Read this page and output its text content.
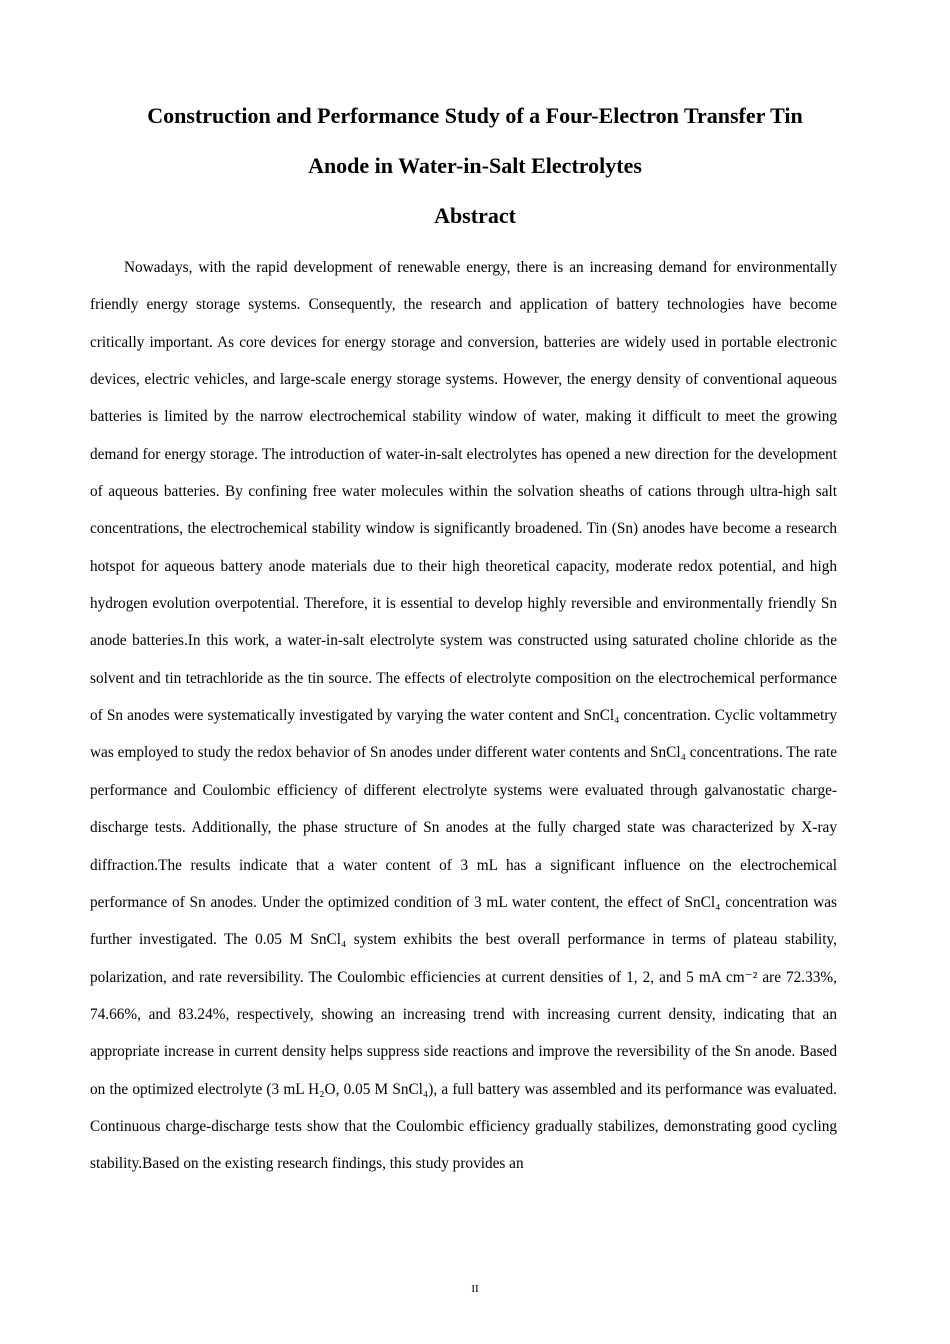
Construction and Performance Study of a Four-Electron Transfer Tin
Anode in Water-in-Salt Electrolytes
Abstract

Nowadays, with the rapid development of renewable energy, there is an increasing demand for environmentally friendly energy storage systems. Consequently, the research and application of battery technologies have become critically important. As core devices for energy storage and conversion, batteries are widely used in portable electronic devices, electric vehicles, and large-scale energy storage systems. However, the energy density of conventional aqueous batteries is limited by the narrow electrochemical stability window of water, making it difficult to meet the growing demand for energy storage. The introduction of water-in-salt electrolytes has opened a new direction for the development of aqueous batteries. By confining free water molecules within the solvation sheaths of cations through ultra-high salt concentrations, the electrochemical stability window is significantly broadened. Tin (Sn) anodes have become a research hotspot for aqueous battery anode materials due to their high theoretical capacity, moderate redox potential, and high hydrogen evolution overpotential. Therefore, it is essential to develop highly reversible and environmentally friendly Sn anode batteries.In this work, a water-in-salt electrolyte system was constructed using saturated choline chloride as the solvent and tin tetrachloride as the tin source. The effects of electrolyte composition on the electrochemical performance of Sn anodes were systematically investigated by varying the water content and SnCl₄ concentration. Cyclic voltammetry was employed to study the redox behavior of Sn anodes under different water contents and SnCl₄ concentrations. The rate performance and Coulombic efficiency of different electrolyte systems were evaluated through galvanostatic charge-discharge tests. Additionally, the phase structure of Sn anodes at the fully charged state was characterized by X-ray diffraction.The results indicate that a water content of 3 mL has a significant influence on the electrochemical performance of Sn anodes. Under the optimized condition of 3 mL water content, the effect of SnCl₄ concentration was further investigated. The 0.05 M SnCl₄ system exhibits the best overall performance in terms of plateau stability, polarization, and rate reversibility. The Coulombic efficiencies at current densities of 1, 2, and 5 mA cm⁻² are 72.33%, 74.66%, and 83.24%, respectively, showing an increasing trend with increasing current density, indicating that an appropriate increase in current density helps suppress side reactions and improve the reversibility of the Sn anode. Based on the optimized electrolyte (3 mL H₂O, 0.05 M SnCl₄), a full battery was assembled and its performance was evaluated. Continuous charge-discharge tests show that the Coulombic efficiency gradually stabilizes, demonstrating good cycling stability.Based on the existing research findings, this study provides an

II
